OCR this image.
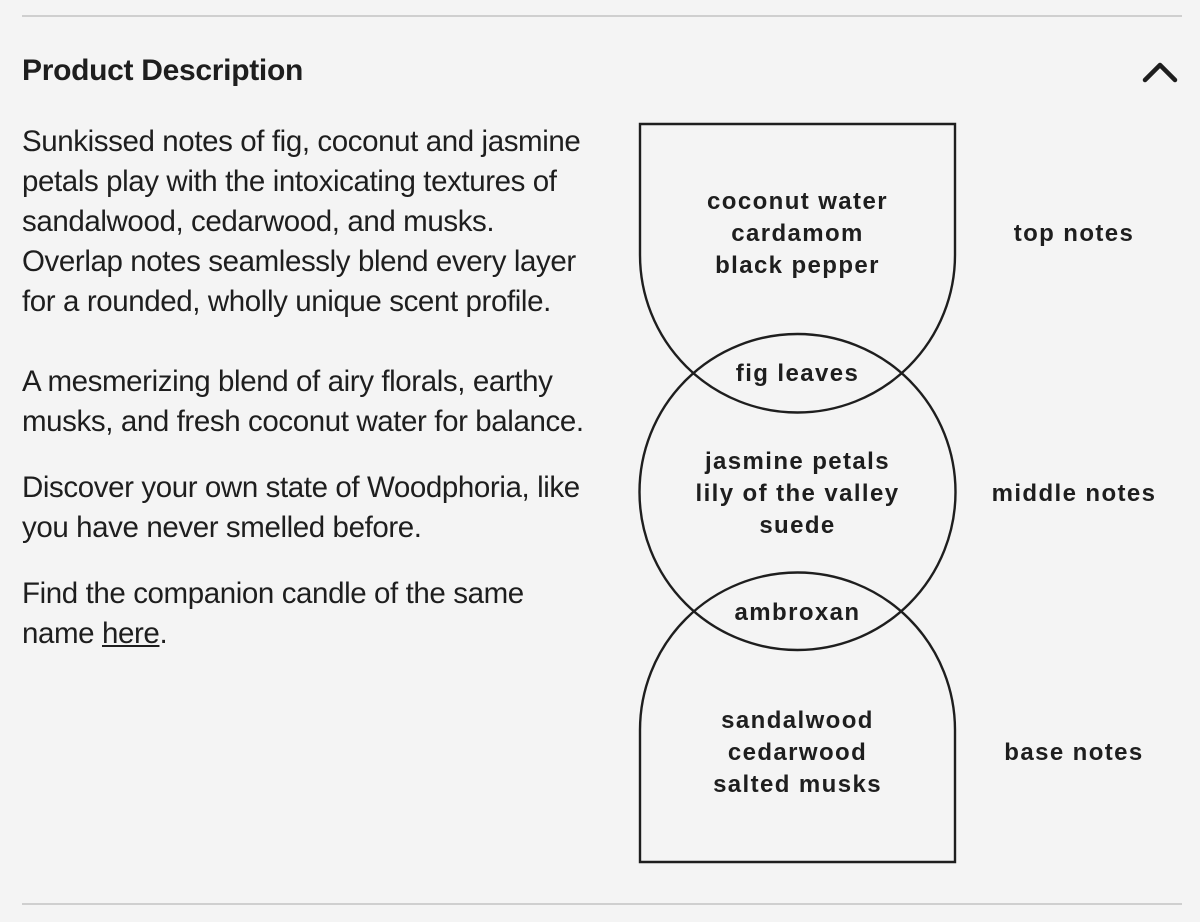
Product Description

Sunkissed notes of fig, coconut and jasmine petals play with the intoxicating textures of sandalwood, cedarwood, and musks.
Overlap notes seamlessly blend every layer for a rounded, wholly unique scent profile.

A mesmerizing blend of airy florals, earthy musks, and fresh coconut water for balance.

Discover your own state of Woodphoria, like you have never smelled before.

Find the companion candle of the same name here.

coconut water
cardamom
black pepper
fig leaves
jasmine petals
lily of the valley
suede
ambroxan
sandalwood
cedarwood
salted musks
top notes
middle notes
base notes
